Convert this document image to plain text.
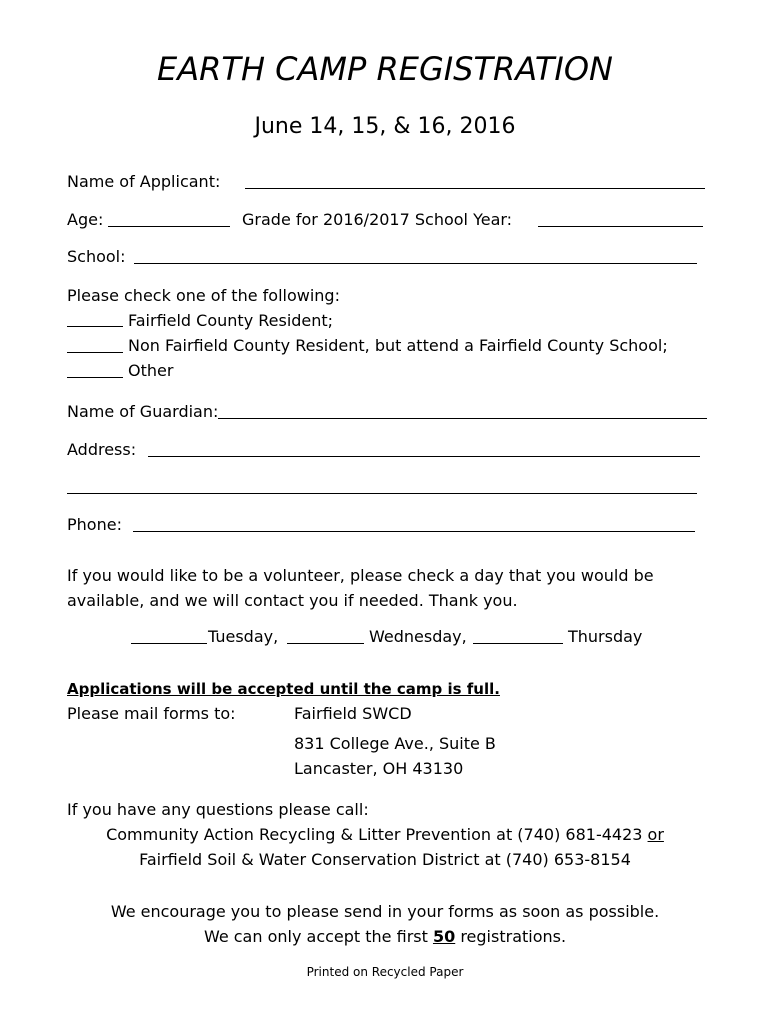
EARTH CAMP REGISTRATION
June 14, 15, & 16, 2016
Name of Applicant:
Age:	Grade for 2016/2017 School Year:
School:
Please check one of the following:
Fairfield County Resident;
Non Fairfield County Resident, but attend a Fairfield County School;
Other
Name of Guardian:
Address:
Phone:
If you would like to be a volunteer, please check a day that you would be
available, and we will contact you if needed. Thank you.
Tuesday,	Wednesday,	Thursday
Applications will be accepted until the camp is full.
Please mail forms to:	Fairfield SWCD
831 College Ave., Suite B
Lancaster, OH 43130
If you have any questions please call:
Community Action Recycling & Litter Prevention at (740) 681-4423 or
Fairfield Soil & Water Conservation District at (740) 653-8154
We encourage you to please send in your forms as soon as possible.
We can only accept the first 50 registrations.
Printed on Recycled Paper
